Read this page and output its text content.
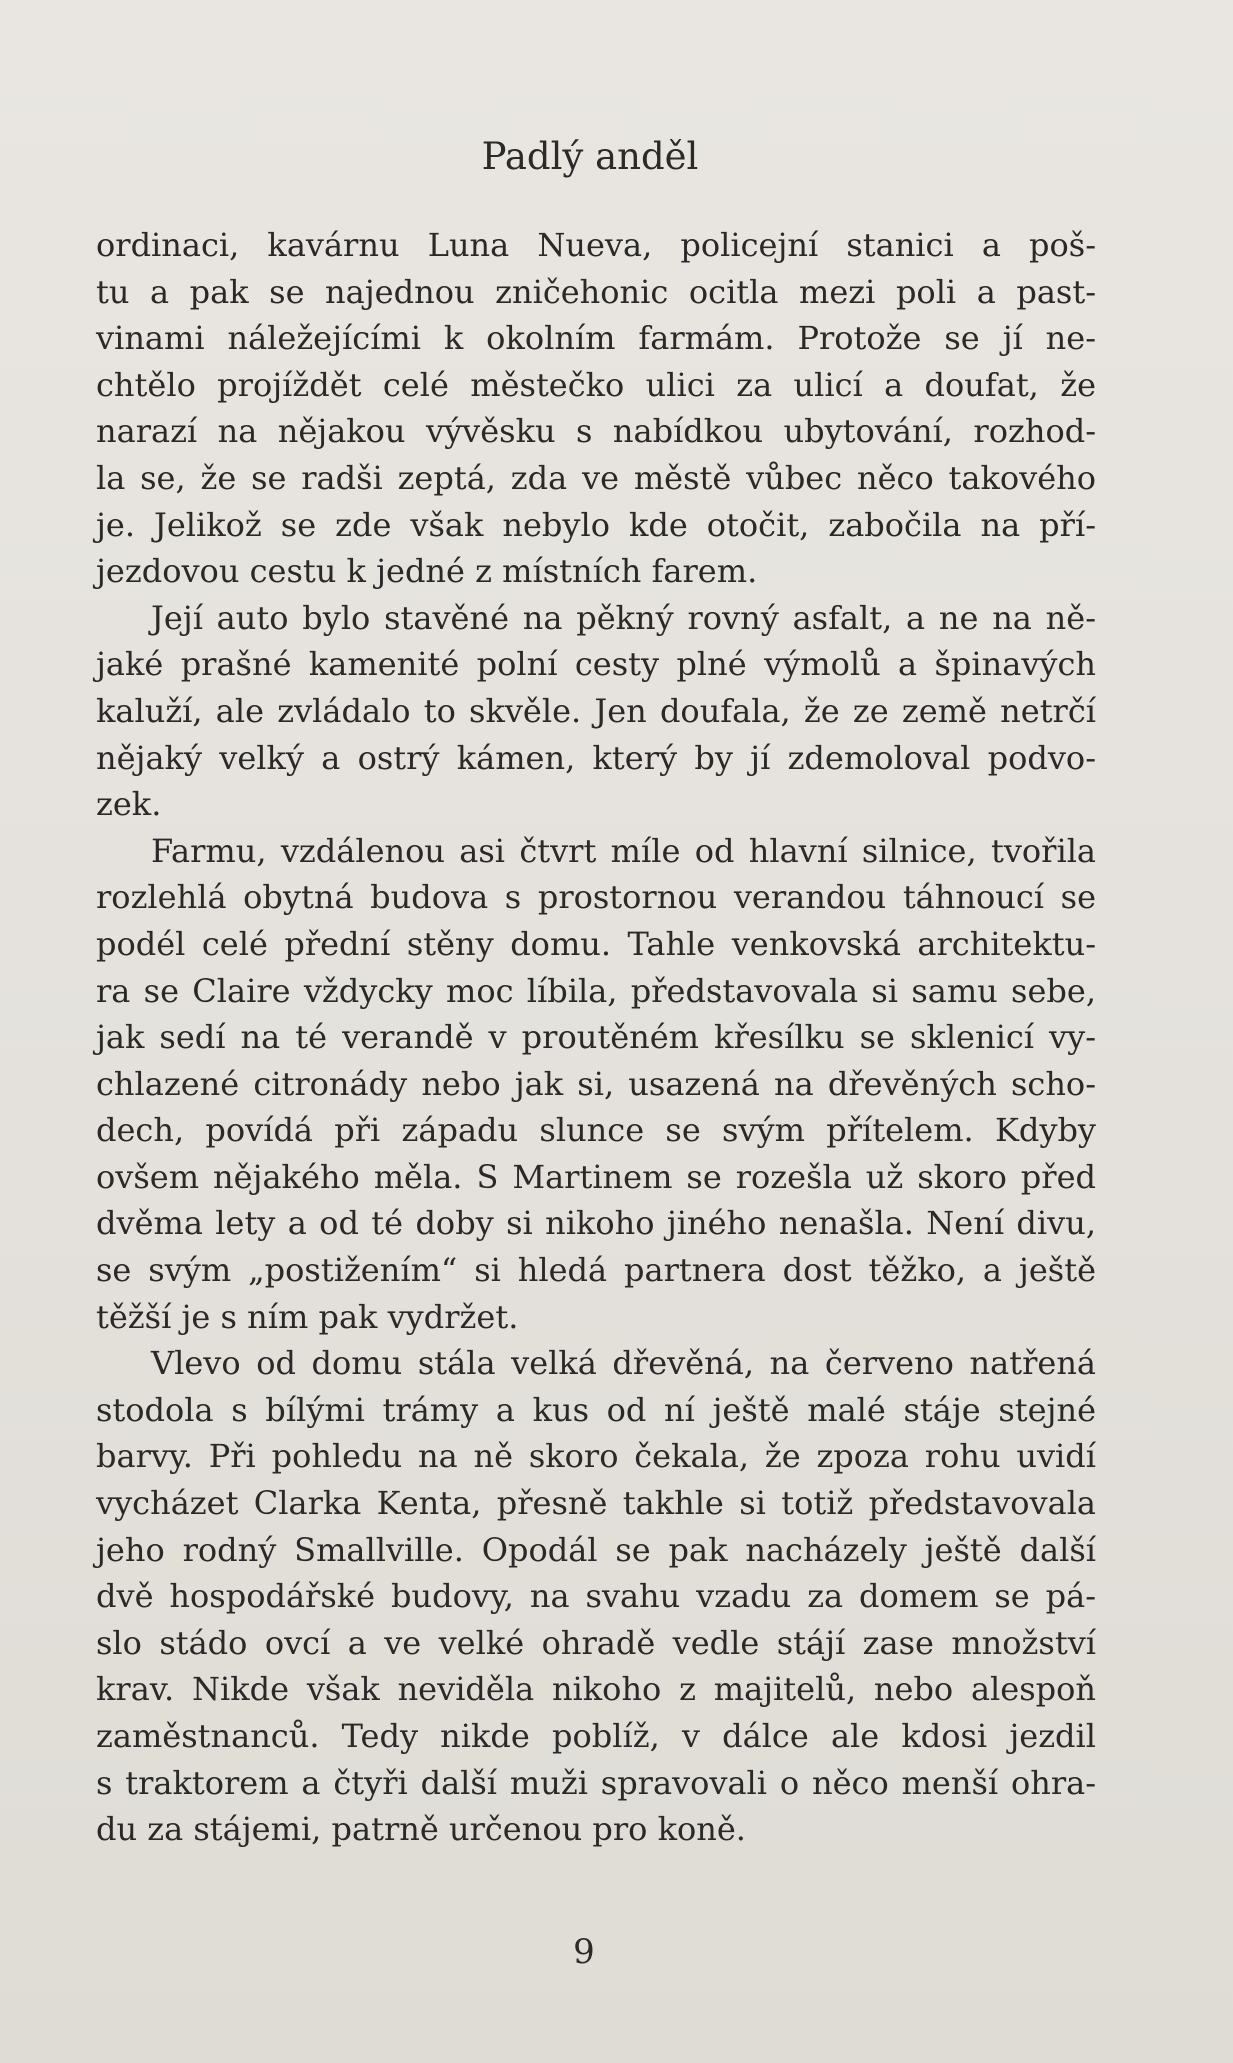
Padlý anděl

ordinaci, kavárnu Luna Nueva, policejní stanici a poš-
tu a pak se najednou zničehonic ocitla mezi poli a past-
vinami náležejícími k okolním farmám. Protože se jí ne-
chtělo projíždět celé městečko ulici za ulicí a doufat, že
narazí na nějakou vývěsku s nabídkou ubytování, rozhod-
la se, že se radši zeptá, zda ve městě vůbec něco takového
je. Jelikož se zde však nebylo kde otočit, zabočila na pří-
jezdovou cestu k jedné z místních farem.

Její auto bylo stavěné na pěkný rovný asfalt, a ne na ně-
jaké prašné kamenité polní cesty plné výmolů a špinavých
kaluží, ale zvládalo to skvěle. Jen doufala, že ze země netrčí
nějaký velký a ostrý kámen, který by jí zdemoloval podvo-
zek.

Farmu, vzdálenou asi čtvrt míle od hlavní silnice, tvořila
rozlehlá obytná budova s prostornou verandou táhnoucí se
podél celé přední stěny domu. Tahle venkovská architektu-
ra se Claire vždycky moc líbila, představovala si samu sebe,
jak sedí na té verandě v proutěném křesílku se sklenicí vy-
chlazené citronády nebo jak si, usazená na dřevěných scho-
dech, povídá při západu slunce se svým přítelem. Kdyby
ovšem nějakého měla. S Martinem se rozešla už skoro před
dvěma lety a od té doby si nikoho jiného nenašla. Není divu,
se svým „postižením“ si hledá partnera dost těžko, a ještě
těžší je s ním pak vydržet.

Vlevo od domu stála velká dřevěná, na červeno natřená
stodola s bílými trámy a kus od ní ještě malé stáje stejné
barvy. Při pohledu na ně skoro čekala, že zpoza rohu uvidí
vycházet Clarka Kenta, přesně takhle si totiž představovala
jeho rodný Smallville. Opodál se pak nacházely ještě další
dvě hospodářské budovy, na svahu vzadu za domem se pá-
slo stádo ovcí a ve velké ohradě vedle stájí zase množství
krav. Nikde však neviděla nikoho z majitelů, nebo alespoň
zaměstnanců. Tedy nikde poblíž, v dálce ale kdosi jezdil
s traktorem a čtyři další muži spravovali o něco menší ohra-
du za stájemi, patrně určenou pro koně.

9
